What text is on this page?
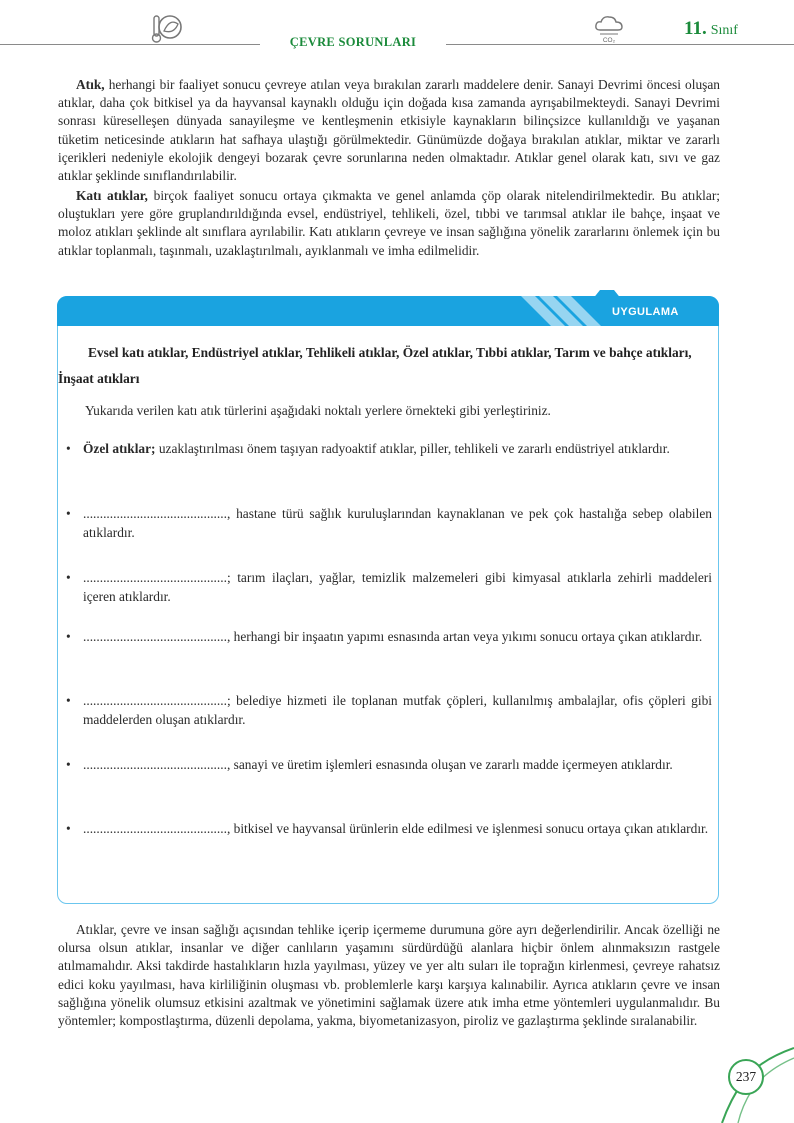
ÇEVRE SORUNLARI	CO₂
11. Sınıf
Atık, herhangi bir faaliyet sonucu çevreye atılan veya bırakılan zararlı maddelere denir. Sanayi Devrimi öncesi oluşan atıklar, daha çok bitkisel ya da hayvansal kaynaklı olduğu için doğada kısa zamanda ayrışabilmekteydi. Sanayi Devrimi sonrası küreselleşen dünyada sanayileşme ve kentleşmenin etkisiyle kaynakların bilinçsizce kullanıldığı ve yaşanan tüketim neticesinde atıkların hat safhaya ulaştığı görülmektedir. Günümüzde doğaya bırakılan atıklar, miktar ve zararlı içerikleri nedeniyle ekolojik dengeyi bozarak çevre sorunlarına neden olmaktadır. Atıklar genel olarak katı, sıvı ve gaz atıklar şeklinde sınıflandırılabilir.
Katı atıklar, birçok faaliyet sonucu ortaya çıkmakta ve genel anlamda çöp olarak nitelendirilmektedir. Bu atıklar; oluştukları yere göre gruplandırıldığında evsel, endüstriyel, tehlikeli, özel, tıbbi ve tarımsal atıklar ile bahçe, inşaat ve moloz atıkları şeklinde alt sınıflara ayrılabilir. Katı atıkların çevreye ve insan sağlığına yönelik zararlarını önlemek için bu atıklar toplanmalı, taşınmalı, uzaklaştırılmalı, ayıklanmalı ve imha edilmelidir.
UYGULAMA
Evsel katı atıklar, Endüstriyel atıklar, Tehlikeli atıklar, Özel atıklar, Tıbbi atıklar, Tarım ve bahçe atıkları, İnşaat atıkları
Yukarıda verilen katı atık türlerini aşağıdaki noktalı yerlere örnekteki gibi yerleştiriniz.
• Özel atıklar; uzaklaştırılması önem taşıyan radyoaktif atıklar, piller, tehlikeli ve zararlı endüstriyel atıklardır.
• ..........................................., hastane türü sağlık kuruluşlarından kaynaklanan ve pek çok hastalığa sebep olabilen atıklardır.
• ...........................................; tarım ilaçları, yağlar, temizlik malzemeleri gibi kimyasal atıklarla zehirli maddeleri içeren atıklardır.
• ..........................................., herhangi bir inşaatın yapımı esnasında artan veya yıkımı sonucu ortaya çıkan atıklardır.
• ...........................................; belediye hizmeti ile toplanan mutfak çöpleri, kullanılmış ambalajlar, ofis çöpleri gibi maddelerden oluşan atıklardır.
• ..........................................., sanayi ve üretim işlemleri esnasında oluşan ve zararlı madde içermeyen atıklardır.
• ..........................................., bitkisel ve hayvansal ürünlerin elde edilmesi ve işlenmesi sonucu ortaya çıkan atıklardır.
Atıklar, çevre ve insan sağlığı açısından tehlike içerip içermeme durumuna göre ayrı değerlendirilir. Ancak özelliği ne olursa olsun atıklar, insanlar ve diğer canlıların yaşamını sürdürdüğü alanlara hiçbir önlem alınmaksızın rastgele atılmamalıdır. Aksi takdirde hastalıkların hızla yayılması, yüzey ve yer altı suları ile toprağın kirlenmesi, çevreye rahatsız edici koku yayılması, hava kirliliğinin oluşması vb. problemlerle karşı karşıya kalınabilir. Ayrıca atıkların çevre ve insan sağlığına yönelik olumsuz etkisini azaltmak ve yönetimini sağlamak üzere atık imha etme yöntemleri uygulanmalıdır. Bu yöntemler; kompostlaştırma, düzenli depolama, yakma, biyometanizasyon, piroliz ve gazlaştırma şeklinde sıralanabilir.
237
